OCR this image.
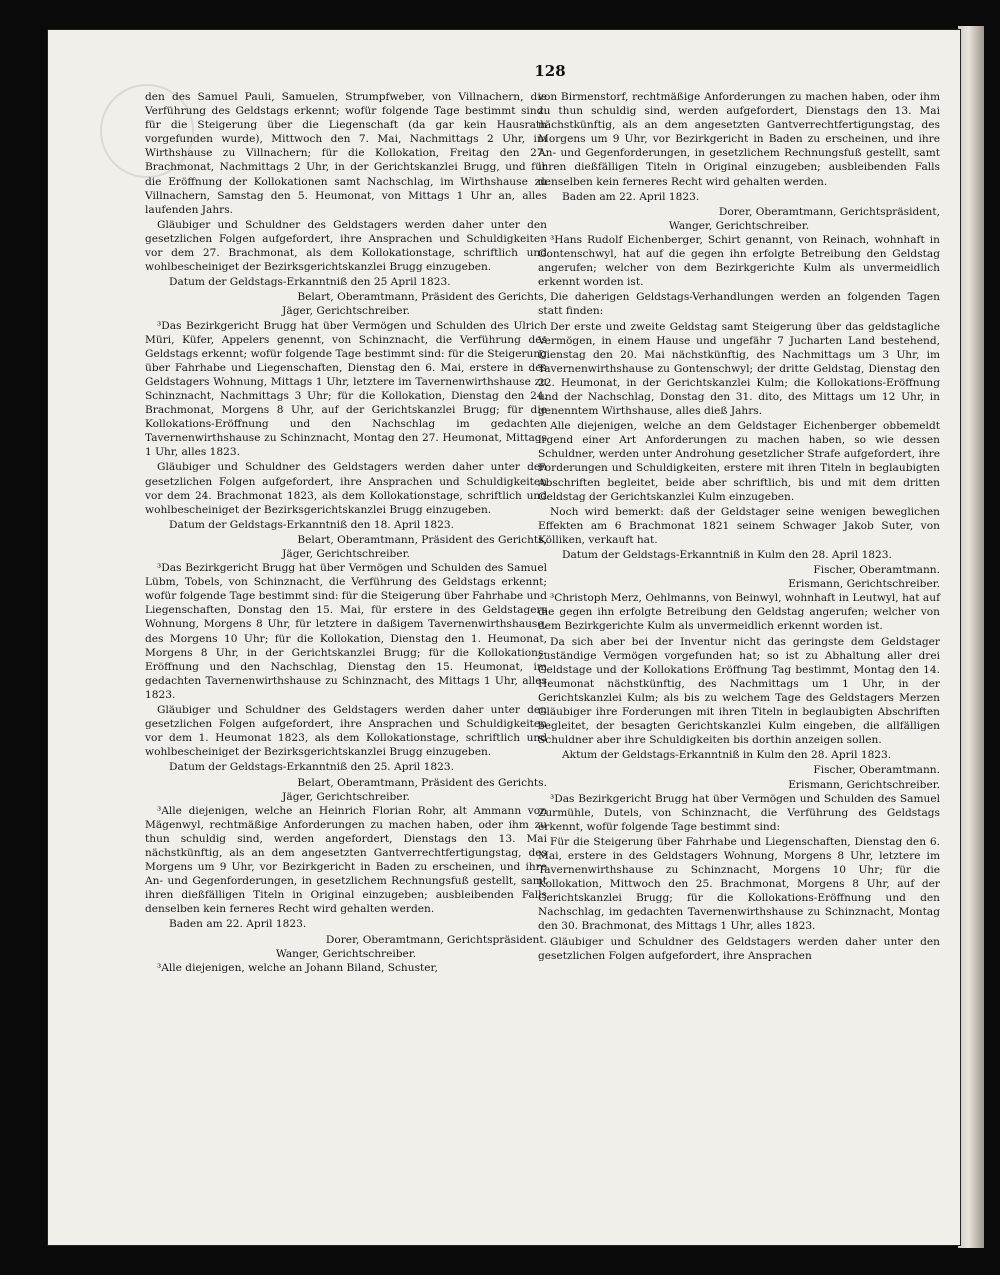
128

den des Samuel Pauli, Samuelen, Strumpfweber, von Villnachern, die Verführung des Geldstags erkennt; wofür folgende Tage bestimmt sind: für die Steigerung über die Liegenschaft (da gar kein Hausrath vorgefunden wurde), Mittwoch den 7. Mai, Nachmittags 2 Uhr, im Wirthshause zu Villnachern; für die Kollokation, Freitag den 27. Brachmonat, Nachmittags 2 Uhr, in der Gerichtskanzlei Brugg, und für die Eröffnung der Kollokationen samt Nachschlag, im Wirthshause zu Villnachern, Samstag den 5. Heumonat, von Mittags 1 Uhr an, alles laufenden Jahrs.

Gläubiger und Schuldner des Geldstagers werden daher unter den gesetzlichen Folgen aufgefordert, ihre Ansprachen und Schuldigkeiten vor dem 27. Brachmonat, als dem Kollokationstage, schriftlich und wohlbescheiniget der Bezirksgerichtskanzlei Brugg einzugeben.

Datum der Geldstags-Erkanntniß den 25 April 1823.

Belart, Oberamtmann, Präsident des Gerichts,

Jäger, Gerichtschreiber.

³Das Bezirkgericht Brugg hat über Vermögen und Schulden des Ulrich Müri, Küfer, Appelers genennt, von Schinznacht, die Verführung des Geldstags erkennt; wofür folgende Tage bestimmt sind: für die Steigerung über Fahrhabe und Liegenschaften, Dienstag den 6. Mai, erstere in des Geldstagers Wohnung, Mittags 1 Uhr, letztere im Tavernenwirthshause zu Schinznacht, Nachmittags 3 Uhr; für die Kollokation, Dienstag den 24. Brachmonat, Morgens 8 Uhr, auf der Gerichtskanzlei Brugg; für die Kollokations-Eröffnung und den Nachschlag im gedachten Tavernenwirthshause zu Schinznacht, Montag den 27. Heumonat, Mittags 1 Uhr, alles 1823.

Gläubiger und Schuldner des Geldstagers werden daher unter den gesetzlichen Folgen aufgefordert, ihre Ansprachen und Schuldigkeiten vor dem 24. Brachmonat 1823, als dem Kollokationstage, schriftlich und wohlbescheiniget der Bezirksgerichtskanzlei Brugg einzugeben.

Datum der Geldstags-Erkanntniß den 18. April 1823.

Belart, Oberamtmann, Präsident des Gerichts,

Jäger, Gerichtschreiber.

³Das Bezirkgericht Brugg hat über Vermögen und Schulden des Samuel Lübm, Tobels, von Schinznacht, die Verführung des Geldstags erkennt; wofür folgende Tage bestimmt sind: für die Steigerung über Fahrhabe und Liegenschaften, Donstag den 15. Mai, für erstere in des Geldstagers Wohnung, Morgens 8 Uhr, für letztere in daßigem Tavernenwirthshause, des Morgens 10 Uhr; für die Kollokation, Dienstag den 1. Heumonat, Morgens 8 Uhr, in der Gerichtskanzlei Brugg; für die Kollokations-Eröffnung und den Nachschlag, Dienstag den 15. Heumonat, im gedachten Tavernenwirthshause zu Schinznacht, des Mittags 1 Uhr, alles 1823.

Gläubiger und Schuldner des Geldstagers werden daher unter den gesetzlichen Folgen aufgefordert, ihre Ansprachen und Schuldigkeiten vor dem 1. Heumonat 1823, als dem Kollokationstage, schriftlich und wohlbescheiniget der Bezirksgerichtskanzlei Brugg einzugeben.

Datum der Geldstags-Erkanntniß den 25. April 1823.

Belart, Oberamtmann, Präsident des Gerichts.

Jäger, Gerichtschreiber.

³Alle diejenigen, welche an Heinrich Florian Rohr, alt Ammann von Mägenwyl, rechtmäßige Anforderungen zu machen haben, oder ihm zu thun schuldig sind, werden angefordert, Dienstags den 13. Mai nächstkünftig, als an dem angesetzten Gantverrechtfertigungstag, des Morgens um 9 Uhr, vor Bezirkgericht in Baden zu erscheinen, und ihre An- und Gegenforderungen, in gesetzlichem Rechnungsfuß gestellt, samt ihren dießfälligen Titeln in Original einzugeben; ausbleibenden Falls denselben kein ferneres Recht wird gehalten werden.

Baden am 22. April 1823.

Dorer, Oberamtmann, Gerichtspräsident.

Wanger, Gerichtschreiber.

³Alle diejenigen, welche an Johann Biland, Schuster,

von Birmenstorf, rechtmäßige Anforderungen zu machen haben, oder ihm zu thun schuldig sind, werden aufgefordert, Dienstags den 13. Mai nächstkünftig, als an dem angesetzten Gantverrechtfertigungstag, des Morgens um 9 Uhr, vor Bezirkgericht in Baden zu erscheinen, und ihre An- und Gegenforderungen, in gesetzlichem Rechnungsfuß gestellt, samt ihren dießfälligen Titeln in Original einzugeben; ausbleibenden Falls denselben kein ferneres Recht wird gehalten werden.

Baden am 22. April 1823.

Dorer, Oberamtmann, Gerichtspräsident,

Wanger, Gerichtschreiber.

³Hans Rudolf Eichenberger, Schirt genannt, von Reinach, wohnhaft in Gontenschwyl, hat auf die gegen ihn erfolgte Betreibung den Geldstag angerufen; welcher von dem Bezirkgerichte Kulm als unvermeidlich erkennt worden ist.

Die daherigen Geldstags-Verhandlungen werden an folgenden Tagen statt finden:

Der erste und zweite Geldstag samt Steigerung über das geldstagliche Vermögen, in einem Hause und ungefähr 7 Jucharten Land bestehend, Dienstag den 20. Mai nächstkünftig, des Nachmittags um 3 Uhr, im Tavernenwirthshause zu Gontenschwyl; der dritte Geldstag, Dienstag den 22. Heumonat, in der Gerichtskanzlei Kulm; die Kollokations-Eröffnung und der Nachschlag, Donstag den 31. dito, des Mittags um 12 Uhr, in genenntem Wirthshause, alles dieß Jahrs.

Alle diejenigen, welche an dem Geldstager Eichenberger obbemeldt irgend einer Art Anforderungen zu machen haben, so wie dessen Schuldner, werden unter Androhung gesetzlicher Strafe aufgefordert, ihre Forderungen und Schuldigkeiten, erstere mit ihren Titeln in beglaubigten Abschriften begleitet, beide aber schriftlich, bis und mit dem dritten Geldstag der Gerichtskanzlei Kulm einzugeben.

Noch wird bemerkt: daß der Geldstager seine wenigen beweglichen Effekten am 6 Brachmonat 1821 seinem Schwager Jakob Suter, von Kölliken, verkauft hat.

Datum der Geldstags-Erkanntniß in Kulm den 28. April 1823.

Fischer, Oberamtmann.

Erismann, Gerichtschreiber.

³Christoph Merz, Oehlmanns, von Beinwyl, wohnhaft in Leutwyl, hat auf die gegen ihn erfolgte Betreibung den Geldstag angerufen; welcher von dem Bezirkgerichte Kulm als unvermeidlich erkennt worden ist.

Da sich aber bei der Inventur nicht das geringste dem Geldstager zuständige Vermögen vorgefunden hat; so ist zu Abhaltung aller drei Geldstage und der Kollokations Eröffnung Tag bestimmt, Montag den 14. Heumonat nächstkünftig, des Nachmittags um 1 Uhr, in der Gerichtskanzlei Kulm; als bis zu welchem Tage des Geldstagers Merzen Gläubiger ihre Forderungen mit ihren Titeln in beglaubigten Abschriften begleitet, der besagten Gerichtskanzlei Kulm eingeben, die allfälligen Schuldner aber ihre Schuldigkeiten bis dorthin anzeigen sollen.

Aktum der Geldstags-Erkanntniß in Kulm den 28. April 1823.

Fischer, Oberamtmann.

Erismann, Gerichtschreiber.

³Das Bezirkgericht Brugg hat über Vermögen und Schulden des Samuel Zurmühle, Dutels, von Schinznacht, die Verführung des Geldstags erkennt, wofür folgende Tage bestimmt sind:

Für die Steigerung über Fahrhabe und Liegenschaften, Dienstag den 6. Mai, erstere in des Geldstagers Wohnung, Morgens 8 Uhr, letztere im Tavernenwirthshause zu Schinznacht, Morgens 10 Uhr; für die Kollokation, Mittwoch den 25. Brachmonat, Morgens 8 Uhr, auf der Gerichtskanzlei Brugg; für die Kollokations-Eröffnung und den Nachschlag, im gedachten Tavernenwirthshause zu Schinznacht, Montag den 30. Brachmonat, des Mittags 1 Uhr, alles 1823.

Gläubiger und Schuldner des Geldstagers werden daher unter den gesetzlichen Folgen aufgefordert, ihre Ansprachen
